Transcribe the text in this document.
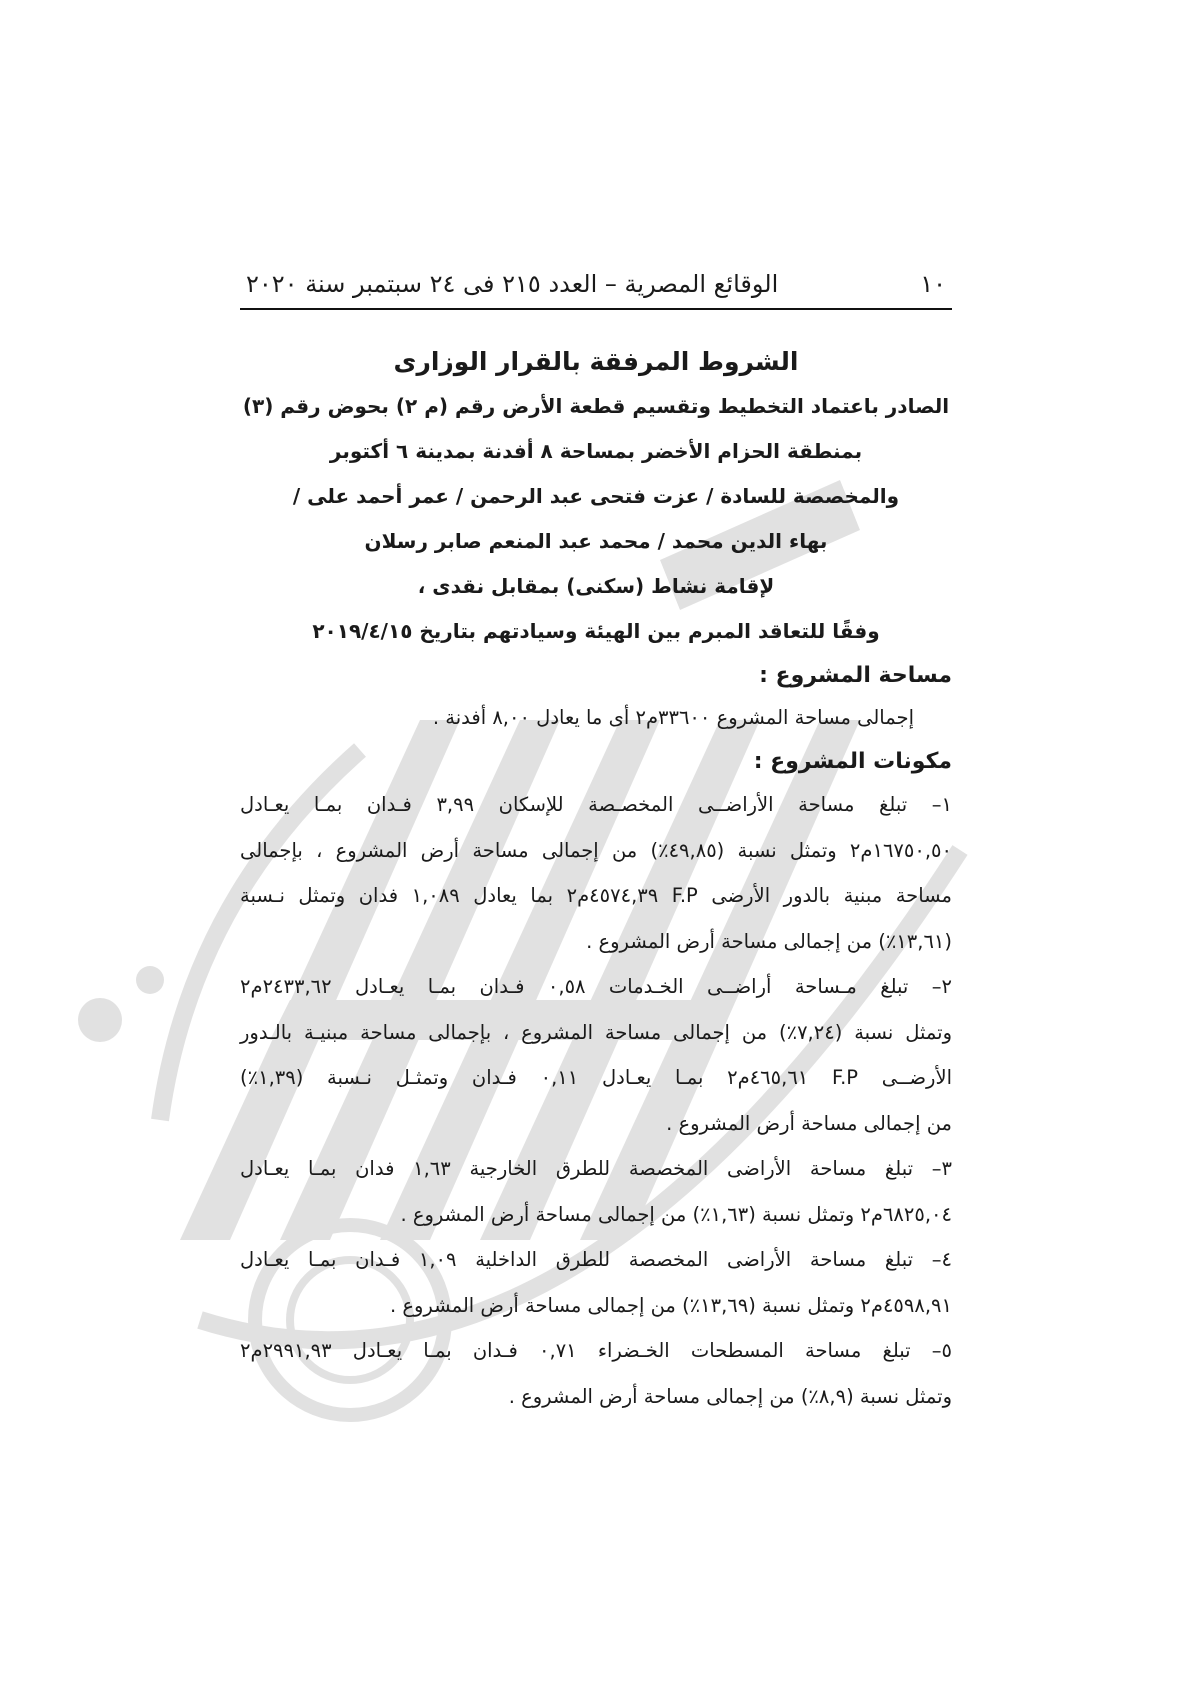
١٠
الوقائع المصرية – العدد ٢١٥ فى ٢٤ سبتمبر سنة ٢٠٢٠
الشروط المرفقة بالقرار الوزارى
الصادر باعتماد التخطيط وتقسيم قطعة الأرض رقم (م ٢) بحوض رقم (٣)
بمنطقة الحزام الأخضر بمساحة ٨ أفدنة بمدينة ٦ أكتوبر
والمخصصة للسادة / عزت فتحى عبد الرحمن / عمر أحمد على /
بهاء الدين محمد / محمد عبد المنعم صابر رسلان
لإقامة نشاط (سكنى) بمقابل نقدى ،
وفقًا للتعاقد المبرم بين الهيئة وسيادتهم بتاريخ ٢٠١٩/٤/١٥
مساحة المشروع :
إجمالى مساحة المشروع ٣٣٦٠٠م٢ أى ما يعادل ٨,٠٠ أفدنة .
مكونات المشروع :
١– تبلغ مساحة الأراضــى المخصـصة للإسكان ٣,٩٩ فـدان بمـا يعـادل
١٦٧٥٠,٥٠م٢ وتمثل نسبة (٤٩,٨٥٪) من إجمالى مساحة أرض المشروع ، بإجمالى
مساحة مبنية بالدور الأرضى F.P ٤٥٧٤,٣٩م٢ بما يعادل ١,٠٨٩ فدان وتمثل نـسبة
(١٣,٦١٪) من إجمالى مساحة أرض المشروع .
٢– تبلغ مـساحة أراضــى الخـدمات ٠,٥٨ فـدان بمـا يعـادل ٢٤٣٣,٦٢م٢
وتمثل نسبة (٧,٢٤٪) من إجمالى مساحة المشروع ، بإجمالى مساحة مبنيـة بالـدور
الأرضــى F.P ٤٦٥,٦١م٢ بمـا يعـادل ٠,١١ فـدان وتمثـل نـسبة (١,٣٩٪)
من إجمالى مساحة أرض المشروع .
٣– تبلغ مساحة الأراضى المخصصة للطرق الخارجية ١,٦٣ فدان بمـا يعـادل
٦٨٢٥,٠٤م٢ وتمثل نسبة (١,٦٣٪) من إجمالى مساحة أرض المشروع .
٤– تبلغ مساحة الأراضى المخصصة للطرق الداخلية ١,٠٩ فـدان بمـا يعـادل
٤٥٩٨,٩١م٢ وتمثل نسبة (١٣,٦٩٪) من إجمالى مساحة أرض المشروع .
٥– تبلغ مساحة المسطحات الخـضراء ٠,٧١ فـدان بمـا يعـادل ٢٩٩١,٩٣م٢
وتمثل نسبة (٨,٩٪) من إجمالى مساحة أرض المشروع .
